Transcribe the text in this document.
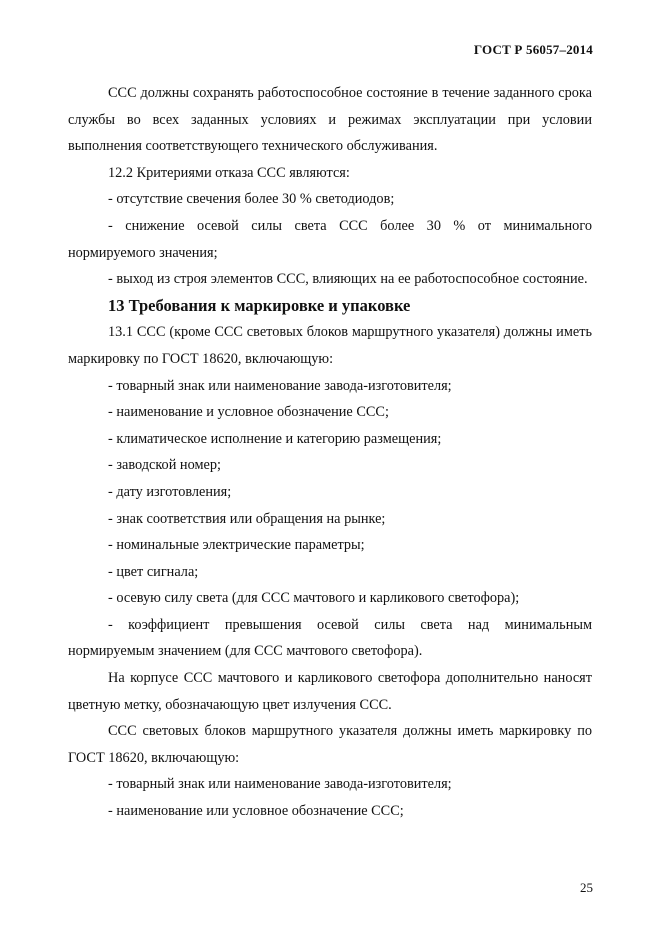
ГОСТ Р 56057–2014

ССС должны сохранять работоспособное состояние в течение заданного срока службы во всех заданных условиях и режимах эксплуатации при условии выполнения соответствующего технического обслуживания.

12.2 Критериями отказа ССС являются:

- отсутствие свечения более 30 % светодиодов;

- снижение осевой силы света ССС более 30 % от минимального нормируемого значения;

- выход из строя элементов ССС, влияющих на ее работоспособное состояние.

13 Требования к маркировке и упаковке

13.1 ССС (кроме ССС световых блоков маршрутного указателя) должны иметь маркировку по ГОСТ 18620, включающую:

- товарный знак или наименование завода-изготовителя;

- наименование и условное обозначение ССС;

- климатическое исполнение и категорию размещения;

- заводской номер;

- дату изготовления;

- знак соответствия или обращения на рынке;

- номинальные электрические параметры;

- цвет сигнала;

- осевую силу света (для ССС мачтового и карликового светофора);

- коэффициент превышения осевой силы света над минимальным нормируемым значением (для ССС мачтового светофора).

На корпусе ССС мачтового и карликового светофора дополнительно наносят цветную метку, обозначающую цвет излучения ССС.

ССС световых блоков маршрутного указателя должны иметь маркировку по ГОСТ 18620, включающую:

- товарный знак или наименование завода-изготовителя;

- наименование или условное обозначение ССС;

25
